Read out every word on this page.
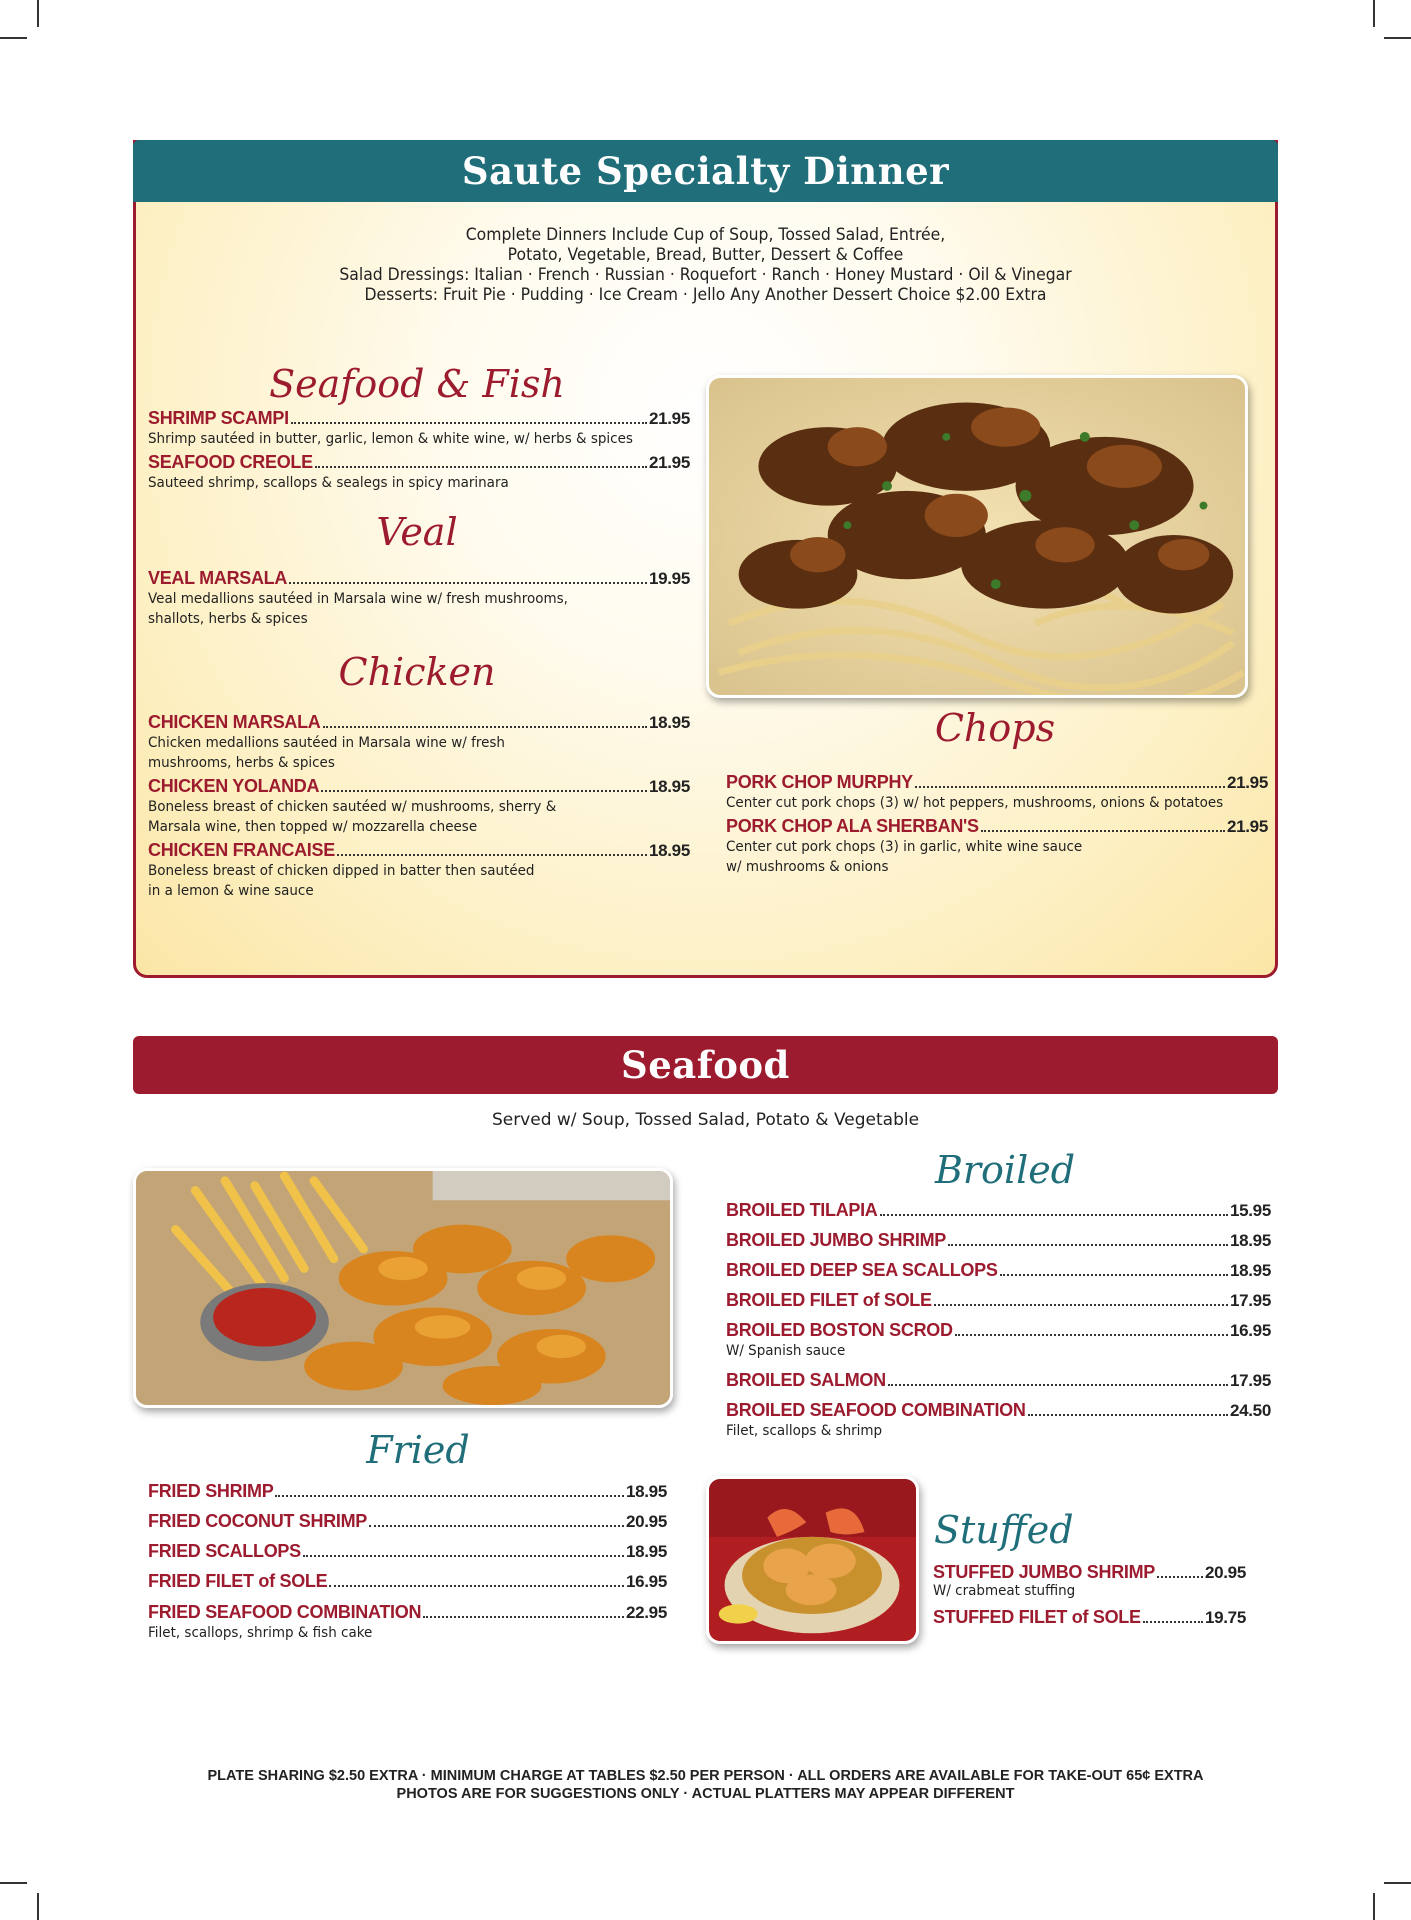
Saute Specialty Dinner
Complete Dinners Include Cup of Soup, Tossed Salad, Entrée,
Potato, Vegetable, Bread, Butter, Dessert & Coffee
Salad Dressings: Italian · French · Russian · Roquefort · Ranch · Honey Mustard · Oil & Vinegar
Desserts: Fruit Pie · Pudding · Ice Cream · Jello Any Another Dessert Choice $2.00 Extra
Seafood & Fish
SHRIMP SCAMPI	21.95
Shrimp sautéed in butter, garlic, lemon & white wine, w/ herbs & spices
SEAFOOD CREOLE	21.95
Sauteed shrimp, scallops & sealegs in spicy marinara
Veal
VEAL MARSALA	19.95
Veal medallions sautéed in Marsala wine w/ fresh mushrooms,
shallots, herbs & spices
Chicken
CHICKEN MARSALA	18.95
Chicken medallions sautéed in Marsala wine w/ fresh
mushrooms, herbs & spices
CHICKEN YOLANDA	18.95
Boneless breast of chicken sautéed w/ mushrooms, sherry &
Marsala wine, then topped w/ mozzarella cheese
CHICKEN FRANCAISE	18.95
Boneless breast of chicken dipped in batter then sautéed
in a lemon & wine sauce
Chops
PORK CHOP MURPHY	21.95
Center cut pork chops (3) w/ hot peppers, mushrooms, onions & potatoes
PORK CHOP ALA SHERBAN'S	21.95
Center cut pork chops (3) in garlic, white wine sauce
w/ mushrooms & onions
Seafood
Served w/ Soup, Tossed Salad, Potato & Vegetable
Fried
FRIED SHRIMP	18.95
FRIED COCONUT SHRIMP	20.95
FRIED SCALLOPS	18.95
FRIED FILET of SOLE	16.95
FRIED SEAFOOD COMBINATION	22.95
Filet, scallops, shrimp & fish cake
Broiled
BROILED TILAPIA	15.95
BROILED JUMBO SHRIMP	18.95
BROILED DEEP SEA SCALLOPS	18.95
BROILED FILET of SOLE	17.95
BROILED BOSTON SCROD	16.95
W/ Spanish sauce
BROILED SALMON	17.95
BROILED SEAFOOD COMBINATION	24.50
Filet, scallops & shrimp
Stuffed
STUFFED JUMBO SHRIMP	20.95
W/ crabmeat stuffing
STUFFED FILET of SOLE	19.75
PLATE SHARING $2.50 EXTRA · MINIMUM CHARGE AT TABLES $2.50 PER PERSON · ALL ORDERS ARE AVAILABLE FOR TAKE-OUT 65¢ EXTRA
PHOTOS ARE FOR SUGGESTIONS ONLY · ACTUAL PLATTERS MAY APPEAR DIFFERENT
